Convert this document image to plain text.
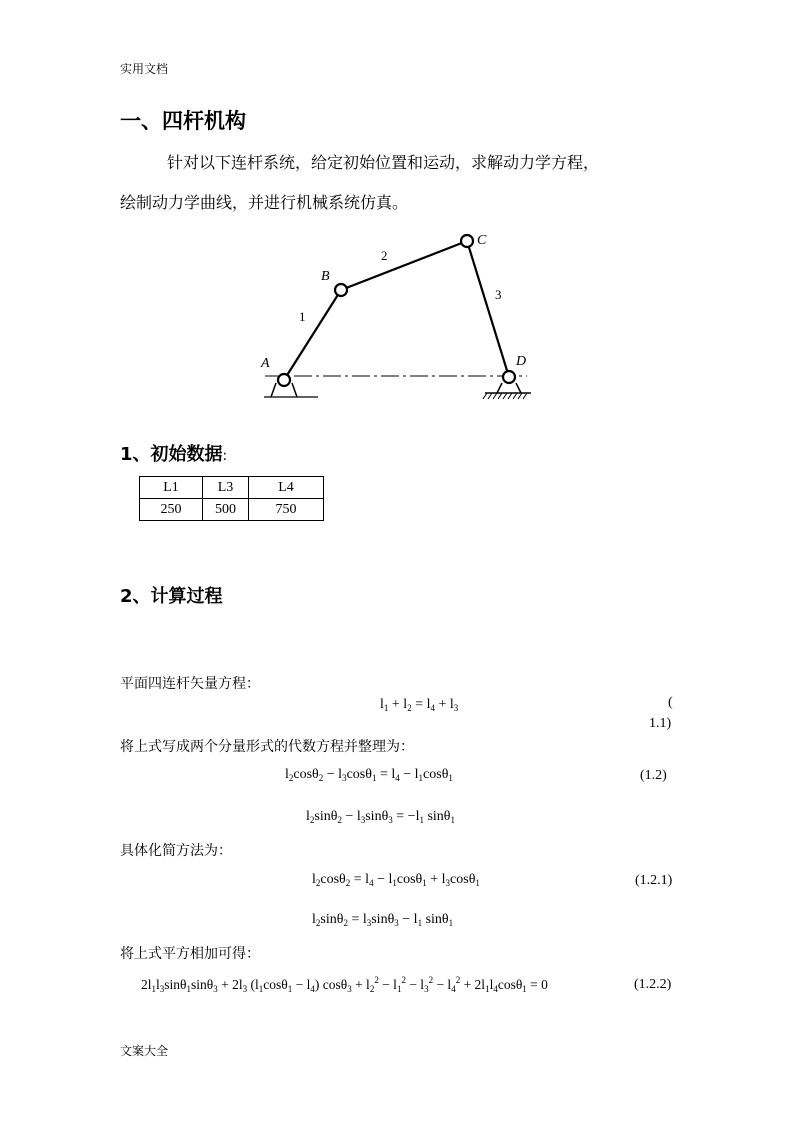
实用文档
一、四杆机构
针对以下连杆系统，给定初始位置和运动，求解动力学方程，
绘制动力学曲线，并进行机械系统仿真。
A
B
C
D
1
2
3
1、初始数据:
L1	L3	L4
250	500	750
2、计算过程
平面四连杆矢量方程：
$l_1 + l_2 = l_4 + l_3$	(
1.1)
将上式写成两个分量形式的代数方程并整理为：
$l_2\cos\theta_2 - l_3\cos\theta_1 = l_4 - l_1\cos\theta_1$	(1.2)
$l_2\sin\theta_2 - l_3\sin\theta_3 = -l_1$ sinθ$_1$
具体化简方法为：
$l_2\cos\theta_2 = l_4 - l_1\cos\theta_1 + l_3\cos\theta_1$	(1.2.1)
$l_2\sin\theta_2 = l_3\sin\theta_3 - l_1$ sinθ$_1$
将上式平方相加可得：
$2l_1l_3\sin\theta_1\sin\theta_3 + 2l_3$ $(l_1\cos\theta_1 - l_4) \cos\theta_3 + l_2^2 - l_1^2 - l_3^2 - l_4^2 + 2l_1l_4\cos\theta_1 = 0$	(1.2.2)
文案大全
